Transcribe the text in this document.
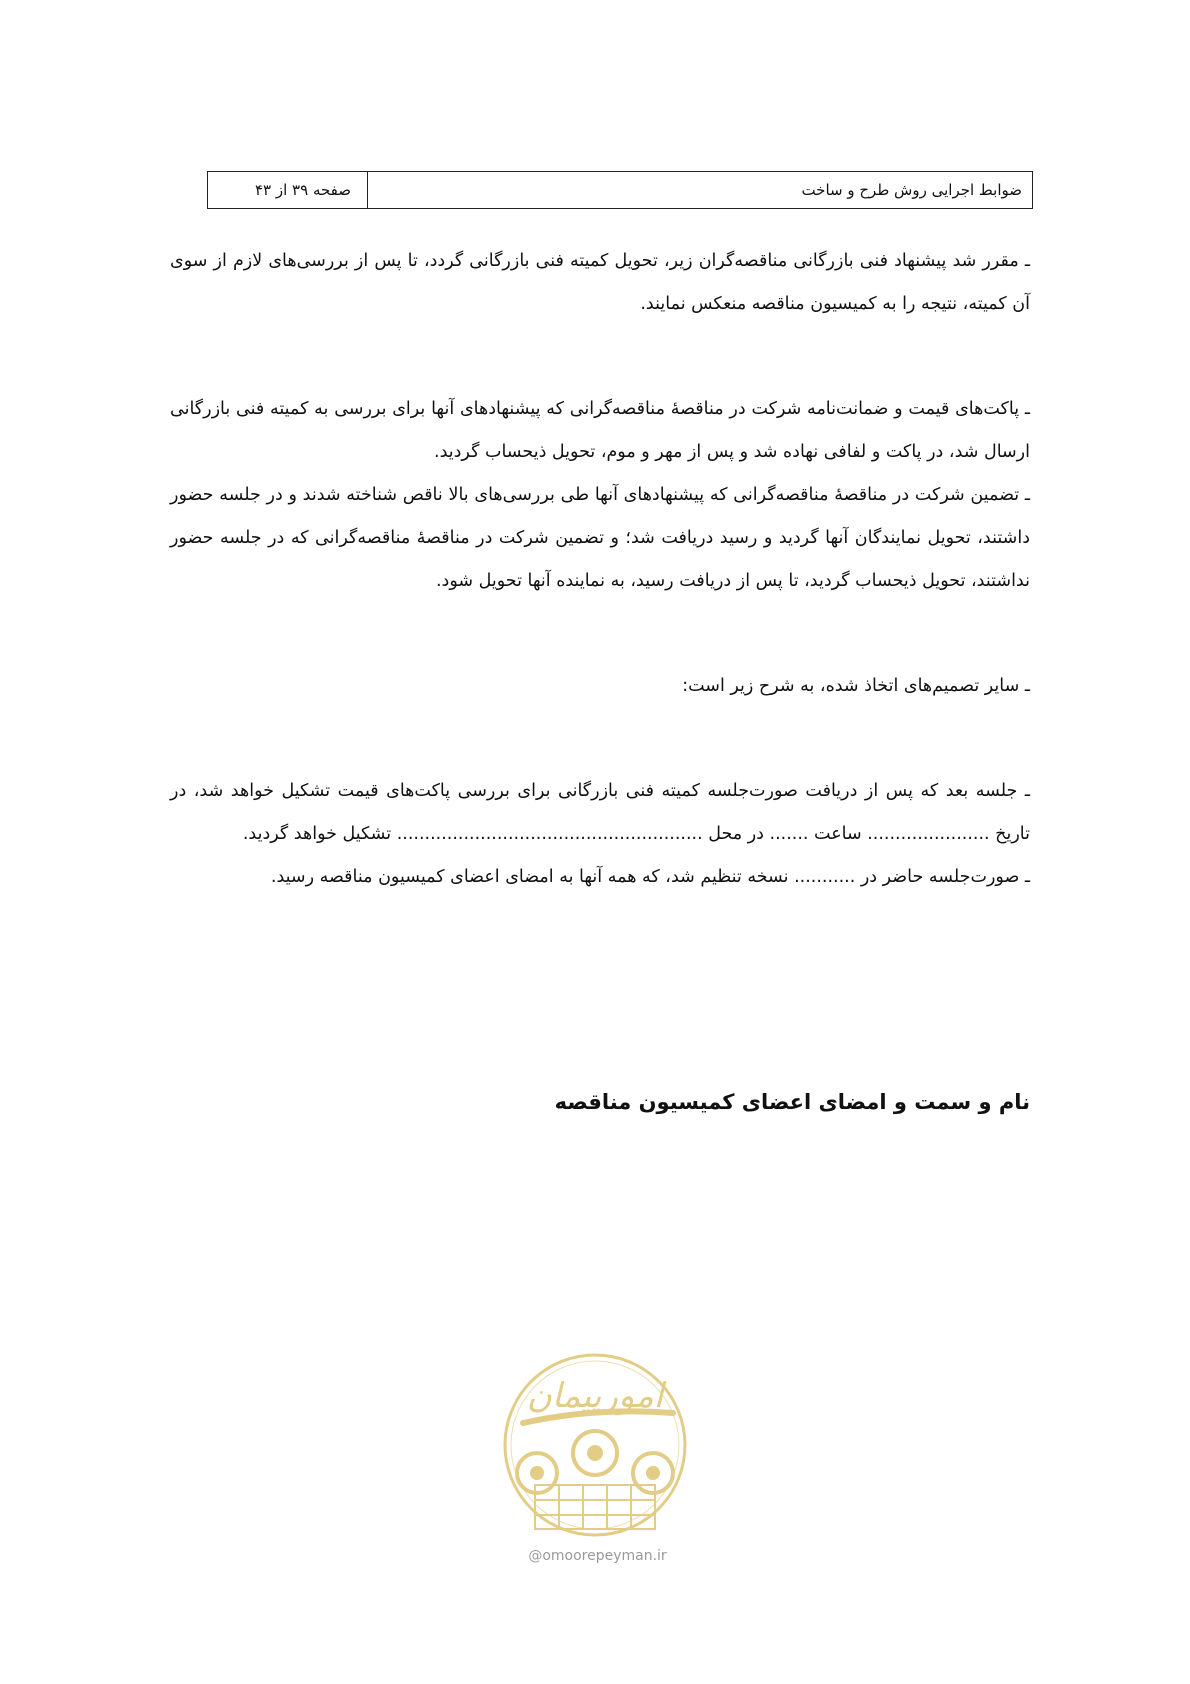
ضوابط اجرایی روش طرح و ساخت
صفحه ۳۹ از ۴۳

ـ مقرر شد پیشنهاد فنی بازرگانی مناقصه‌گران زیر، تحویل کمیته فنی بازرگانی گردد، تا پس از بررسی‌های لازم از سوی آن کمیته، نتیجه را به کمیسیون مناقصه منعکس نمایند.

ـ پاکت‌های قیمت و ضمانت‌نامه شرکت در مناقصهٔ مناقصه‌گرانی که پیشنهادهای آنها برای بررسی به کمیته فنی بازرگانی ارسال شد، در پاکت و لفافی نهاده شد و پس از مهر و موم، تحویل ذیحساب گردید.

ـ تضمین شرکت در مناقصهٔ مناقصه‌گرانی که پیشنهادهای آنها طی بررسی‌های بالا ناقص شناخته شدند و در جلسه حضور داشتند، تحویل نمایندگان آنها گردید و رسید دریافت شد؛ و تضمین شرکت در مناقصهٔ مناقصه‌گرانی که در جلسه حضور نداشتند، تحویل ذیحساب گردید، تا پس از دریافت رسید، به نماینده آنها تحویل شود.

ـ سایر تصمیم‌های اتخاذ شده، به شرح زیر است:

ـ جلسه بعد که پس از دریافت صورت‌جلسه کمیته فنی بازرگانی برای بررسی پاکت‌های قیمت تشکیل خواهد شد، در تاریخ ...................... ساعت ....... در محل ....................................................... تشکیل خواهد گردید.

ـ صورت‌جلسه حاضر در ........... نسخه تنظیم شد، که همه آنها به امضای اعضای کمیسیون مناقصه رسید.

نام و سمت و امضای اعضای کمیسیون مناقصه
امورپیمان
@omoorepeyman.ir
